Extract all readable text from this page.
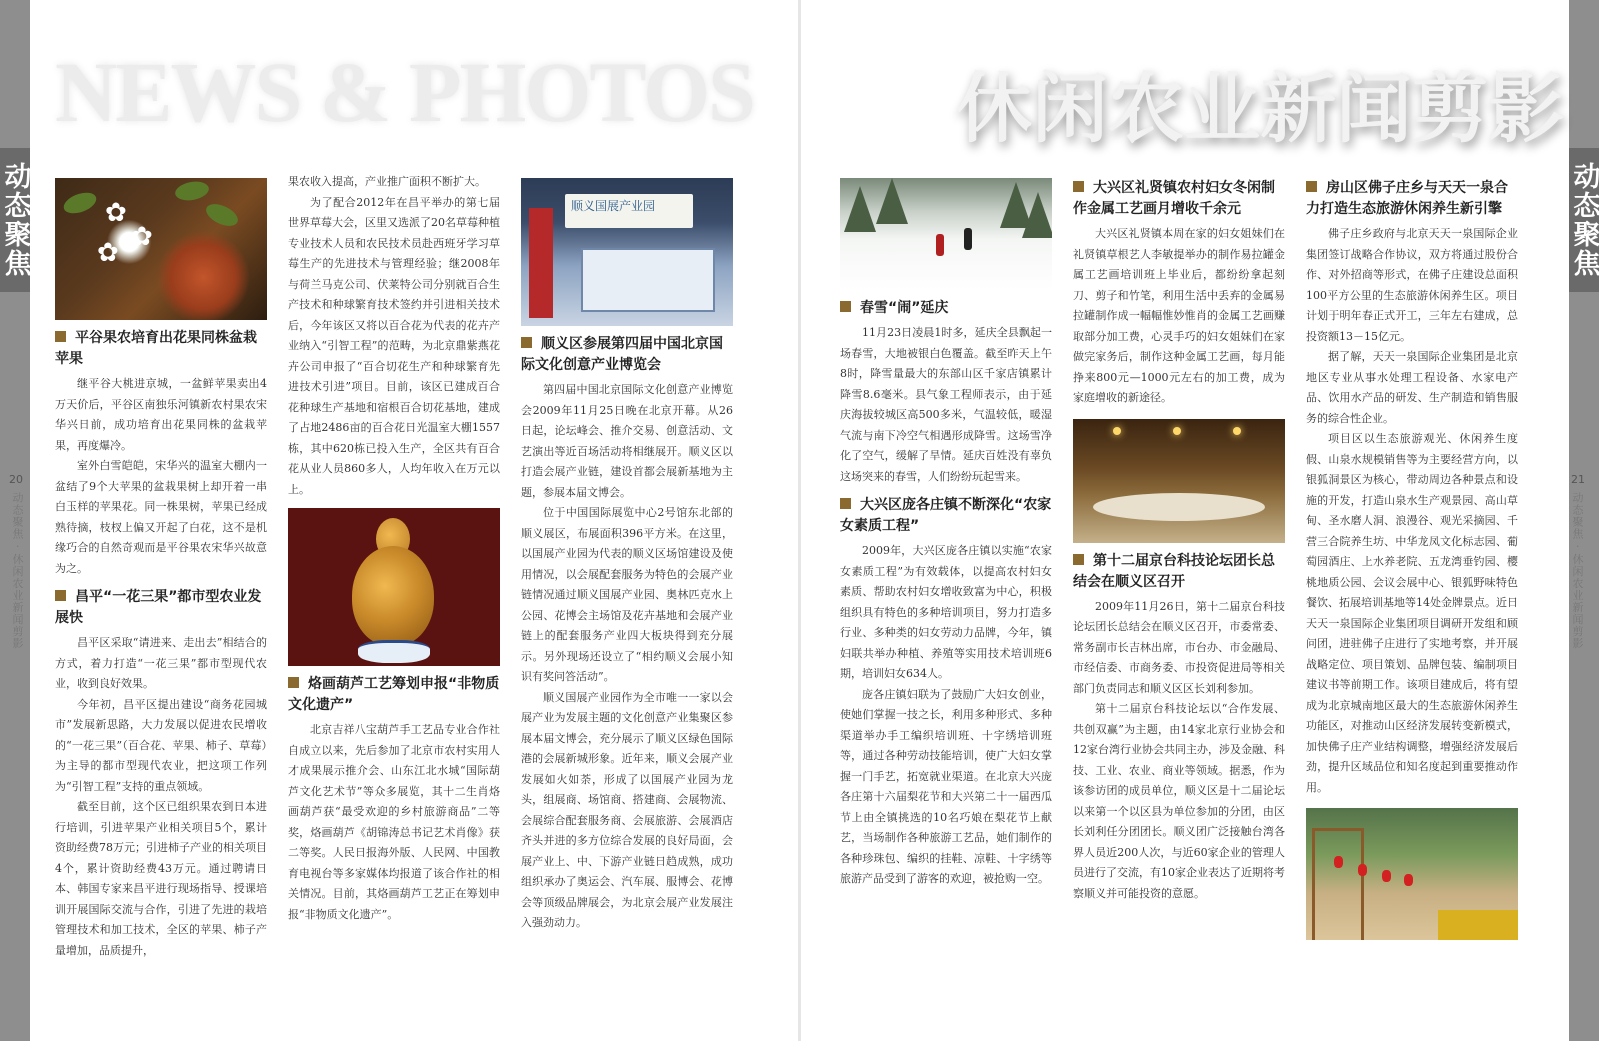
动态聚焦	动态聚焦
20	21
动态聚焦 · 休闲农业新闻剪影	动态聚焦 · 休闲农业新闻剪影
NEWS & PHOTOS	休闲农业新闻剪影
✿
✿
✿
平谷果农培育出花果同株盆栽苹果

继平谷大桃进京城，一盆鲜苹果卖出4万天价后，平谷区南独乐河镇新农村果农宋华兴日前，成功培育出花果同株的盆栽苹果，再度爆冷。

室外白雪皑皑，宋华兴的温室大棚内一盆结了9个大苹果的盆栽果树上却开着一串白玉样的苹果花。同一株果树，苹果已经成熟待摘，枝杈上偏又开起了白花，这不是机缘巧合的自然奇观而是平谷果农宋华兴故意为之。

昌平“一花三果”都市型农业发展快

昌平区采取“请进来、走出去”相结合的方式，着力打造“一花三果”都市型现代农业，收到良好效果。

今年初，昌平区提出建设“商务花园城市”发展新思路，大力发展以促进农民增收的“一花三果”（百合花、苹果、柿子、草莓）为主导的都市型现代农业，把这项工作列为“引智工程”支持的重点领域。

截至目前，这个区已组织果农到日本进行培训，引进苹果产业相关项目5个，累计资助经费78万元；引进柿子产业的相关项目4个，累计资助经费43万元。通过聘请日本、韩国专家来昌平进行现场指导、授课培训开展国际交流与合作，引进了先进的栽培管理技术和加工技术，全区的苹果、柿子产量增加，品质提升，

果农收入提高，产业推广面积不断扩大。

为了配合2012年在昌平举办的第七届世界草莓大会，区里又选派了20名草莓种植专业技术人员和农民技术员赴西班牙学习草莓生产的先进技术与管理经验；继2008年与荷兰马克公司、伏莱特公司分别就百合生产技术和种球繁育技术签约并引进相关技术后，今年该区又将以百合花为代表的花卉产业纳入“引智工程”的范畴，为北京鼎紫燕花卉公司申报了“百合切花生产和种球繁育先进技术引进”项目。目前，该区已建成百合花种球生产基地和宿根百合切花基地，建成了占地2486亩的百合花日光温室大棚1557栋，其中620栋已投入生产，全区共有百合花从业人员860多人，人均年收入在万元以上。

烙画葫芦工艺筹划申报“非物质文化遗产”

北京吉祥八宝葫芦手工艺品专业合作社自成立以来，先后参加了北京市农村实用人才成果展示推介会、山东江北水城“国际葫芦文化艺术节”等众多展览，其十二生肖烙画葫芦获“最受欢迎的乡村旅游商品”二等奖，烙画葫芦《胡锦涛总书记艺术肖像》获二等奖。人民日报海外版、人民网、中国教育电视台等多家媒体均报道了该合作社的相关情况。目前，其烙画葫芦工艺正在筹划申报“非物质文化遗产”。

顺义国展产业园
顺义区参展第四届中国北京国际文化创意产业博览会

第四届中国北京国际文化创意产业博览会2009年11月25日晚在北京开幕。从26日起，论坛峰会、推介交易、创意活动、文艺演出等近百场活动将相继展开。顺义区以打造会展产业链，建设首都会展新基地为主题，参展本届文博会。

位于中国国际展览中心2号馆东北部的顺义展区，布展面积396平方米。在这里，以国展产业园为代表的顺义区场馆建设及使用情况，以会展配套服务为特色的会展产业链情况通过顺义国展产业园、奥林匹克水上公园、花博会主场馆及花卉基地和会展产业链上的配套服务产业四大板块得到充分展示。另外现场还设立了“相约顺义会展小知识有奖问答活动”。

顺义国展产业园作为全市唯一一家以会展产业为发展主题的文化创意产业集聚区参展本届文博会，充分展示了顺义区绿色国际港的会展新城形象。近年来，顺义会展产业发展如火如荼，形成了以国展产业园为龙头，组展商、场馆商、搭建商、会展物流、会展综合配套服务商、会展旅游、会展酒店齐头并进的多方位综合发展的良好局面，会展产业上、中、下游产业链日趋成熟，成功组织承办了奥运会、汽车展、服博会、花博会等顶级品牌展会，为北京会展产业发展注入强劲动力。

春雪“闹”延庆

11月23日凌晨1时多，延庆全县飘起一场春雪，大地被银白色覆盖。截至昨天上午8时，降雪量最大的东部山区千家店镇累计降雪8.6毫米。县气象工程师表示，由于延庆海拔较城区高500多米，气温较低，暖湿气流与南下冷空气相遇形成降雪。这场雪净化了空气，缓解了旱情。延庆百姓没有辜负这场突来的春雪，人们纷纷玩起雪来。

大兴区庞各庄镇不断深化“农家女素质工程”

2009年，大兴区庞各庄镇以实施“农家女素质工程”为有效载体，以提高农村妇女素质、帮助农村妇女增收致富为中心，积极组织具有特色的多种培训项目，努力打造多行业、多种类的妇女劳动力品牌，今年，镇妇联共举办种植、养殖等实用技术培训班6期，培训妇女634人。

庞各庄镇妇联为了鼓励广大妇女创业，使她们掌握一技之长，利用多种形式、多种渠道举办手工编织培训班、十字绣培训班等，通过各种劳动技能培训，使广大妇女掌握一门手艺，拓宽就业渠道。在北京大兴庞各庄第十六届梨花节和大兴第二十一届西瓜节上由全镇挑选的10名巧娘在梨花节上献艺，当场制作各种旅游工艺品，她们制作的各种珍珠包、编织的挂鞋、凉鞋、十字绣等旅游产品受到了游客的欢迎，被抢购一空。

大兴区礼贤镇农村妇女冬闲制作金属工艺画月增收千余元

大兴区礼贤镇本周在家的妇女姐妹们在礼贤镇草根艺人李敏提举办的制作易拉罐金属工艺画培训班上毕业后，都纷纷拿起刻刀、剪子和竹笔，利用生活中丢弃的金属易拉罐制作成一幅幅惟妙惟肖的金属工艺画赚取部分加工费，心灵手巧的妇女姐妹们在家做完家务后，制作这种金属工艺画，每月能挣来800元—1000元左右的加工费，成为家庭增收的新途径。

第十二届京台科技论坛团长总结会在顺义区召开

2009年11月26日，第十二届京台科技论坛团长总结会在顺义区召开，市委常委、常务副市长吉林出席，市台办、市金融局、市经信委、市商务委、市投资促进局等相关部门负责同志和顺义区区长刘利参加。

第十二届京台科技论坛以“合作发展、共创双赢”为主题，由14家北京行业协会和12家台湾行业协会共同主办，涉及金融、科技、工业、农业、商业等领域。据悉，作为该参访团的成员单位，顺义区是十二届论坛以来第一个以区县为单位参加的分团，由区长刘利任分团团长。顺义团广泛接触台湾各界人员近200人次，与近60家企业的管理人员进行了交流，有10家企业表达了近期将考察顺义并可能投资的意愿。

房山区佛子庄乡与天天一泉合力打造生态旅游休闲养生新引擎

佛子庄乡政府与北京天天一泉国际企业集团签订战略合作协议，双方将通过股份合作、对外招商等形式，在佛子庄建设总面积100平方公里的生态旅游休闲养生区。项目计划于明年春正式开工，三年左右建成，总投资额13－15亿元。

据了解，天天一泉国际企业集团是北京地区专业从事水处理工程设备、水家电产品、饮用水产品的研发、生产制造和销售服务的综合性企业。

项目区以生态旅游观光、休闲养生度假、山泉水规模销售等为主要经营方向，以银狐洞景区为核心，带动周边各种景点和设施的开发，打造山泉水生产观景园、高山草甸、圣水磨人洞、浪漫谷、观光采摘园、千营三合院养生坊、中华龙凤文化标志园、葡萄园酒庄、上水养老院、五龙湾垂钓园、樱桃地质公园、会议会展中心、银狐野味特色餐饮、拓展培训基地等14处金牌景点。近日天天一泉国际企业集团项目调研开发组和顾问团，进驻佛子庄进行了实地考察，并开展战略定位、项目策划、品牌包装、编制项目建议书等前期工作。该项目建成后，将有望成为北京城南地区最大的生态旅游休闲养生功能区，对推动山区经济发展转变新模式，加快佛子庄产业结构调整，增强经济发展后劲，提升区域品位和知名度起到重要推动作用。
